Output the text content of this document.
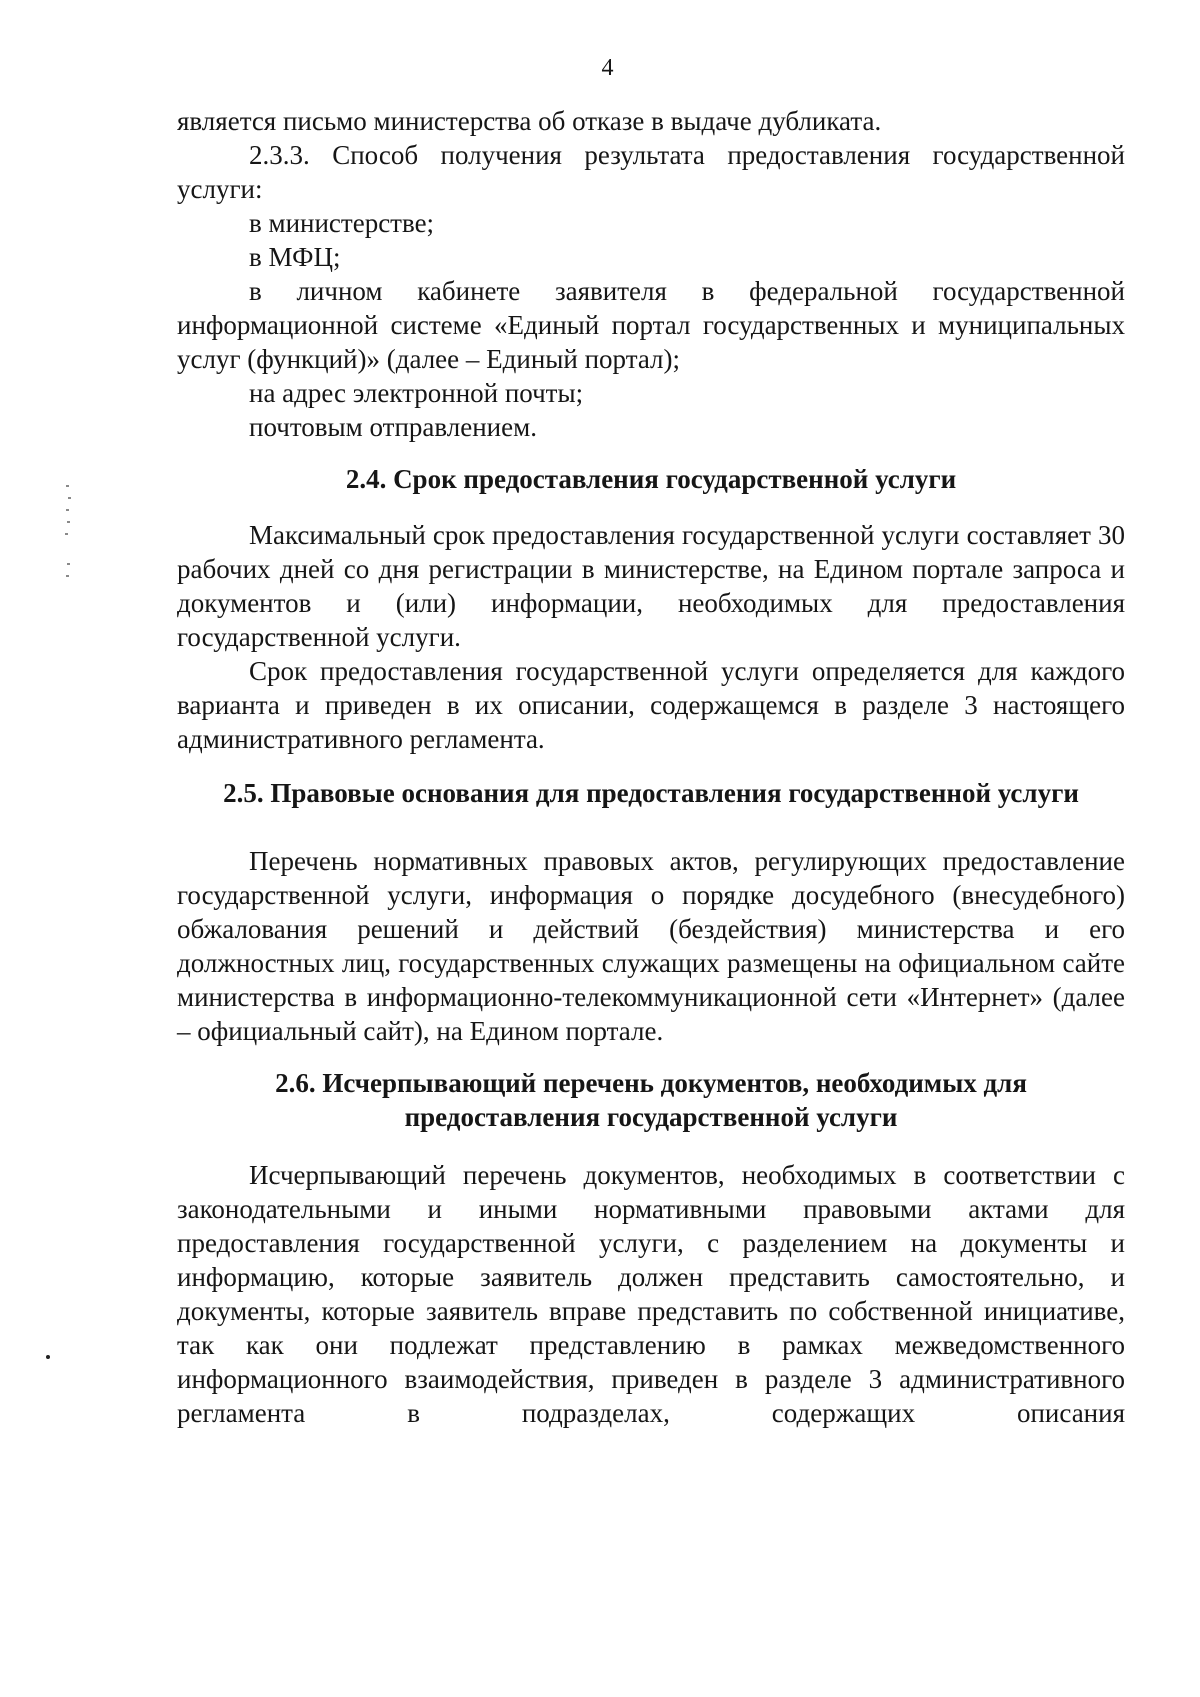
4

является письмо министерства об отказе в выдаче дубликата.

2.3.3. Способ получения результата предоставления государственной услуги:

в министерстве;

в МФЦ;

в личном кабинете заявителя в федеральной государственной информационной системе «Единый портал государственных и муниципальных услуг (функций)» (далее – Единый портал);

на адрес электронной почты;

почтовым отправлением.

2.4. Срок предоставления государственной услуги

Максимальный срок предоставления государственной услуги составляет 30 рабочих дней со дня регистрации в министерстве, на Едином портале запроса и документов и (или) информации, необходимых для предоставления государственной услуги.

Срок предоставления государственной услуги определяется для каждого варианта и приведен в их описании, содержащемся в разделе 3 настоящего административного регламента.

2.5. Правовые основания для предоставления государственной услуги

Перечень нормативных правовых актов, регулирующих предоставление государственной услуги, информация о порядке досудебного (внесудебного) обжалования решений и действий (бездействия) министерства и его должностных лиц, государственных служащих размещены на официальном сайте министерства в информационно-телекоммуникационной сети «Интернет» (далее – официальный сайт), на Едином портале.

2.6. Исчерпывающий перечень документов, необходимых для

предоставления государственной услуги

Исчерпывающий перечень документов, необходимых в соответствии с законодательными и иными нормативными правовыми актами для предоставления государственной услуги, с разделением на документы и информацию, которые заявитель должен представить самостоятельно, и документы, которые заявитель вправе представить по собственной инициативе, так как они подлежат представлению в рамках межведомственного информационного взаимодействия, приведен в разделе 3 административного регламента в подразделах, содержащих описания
